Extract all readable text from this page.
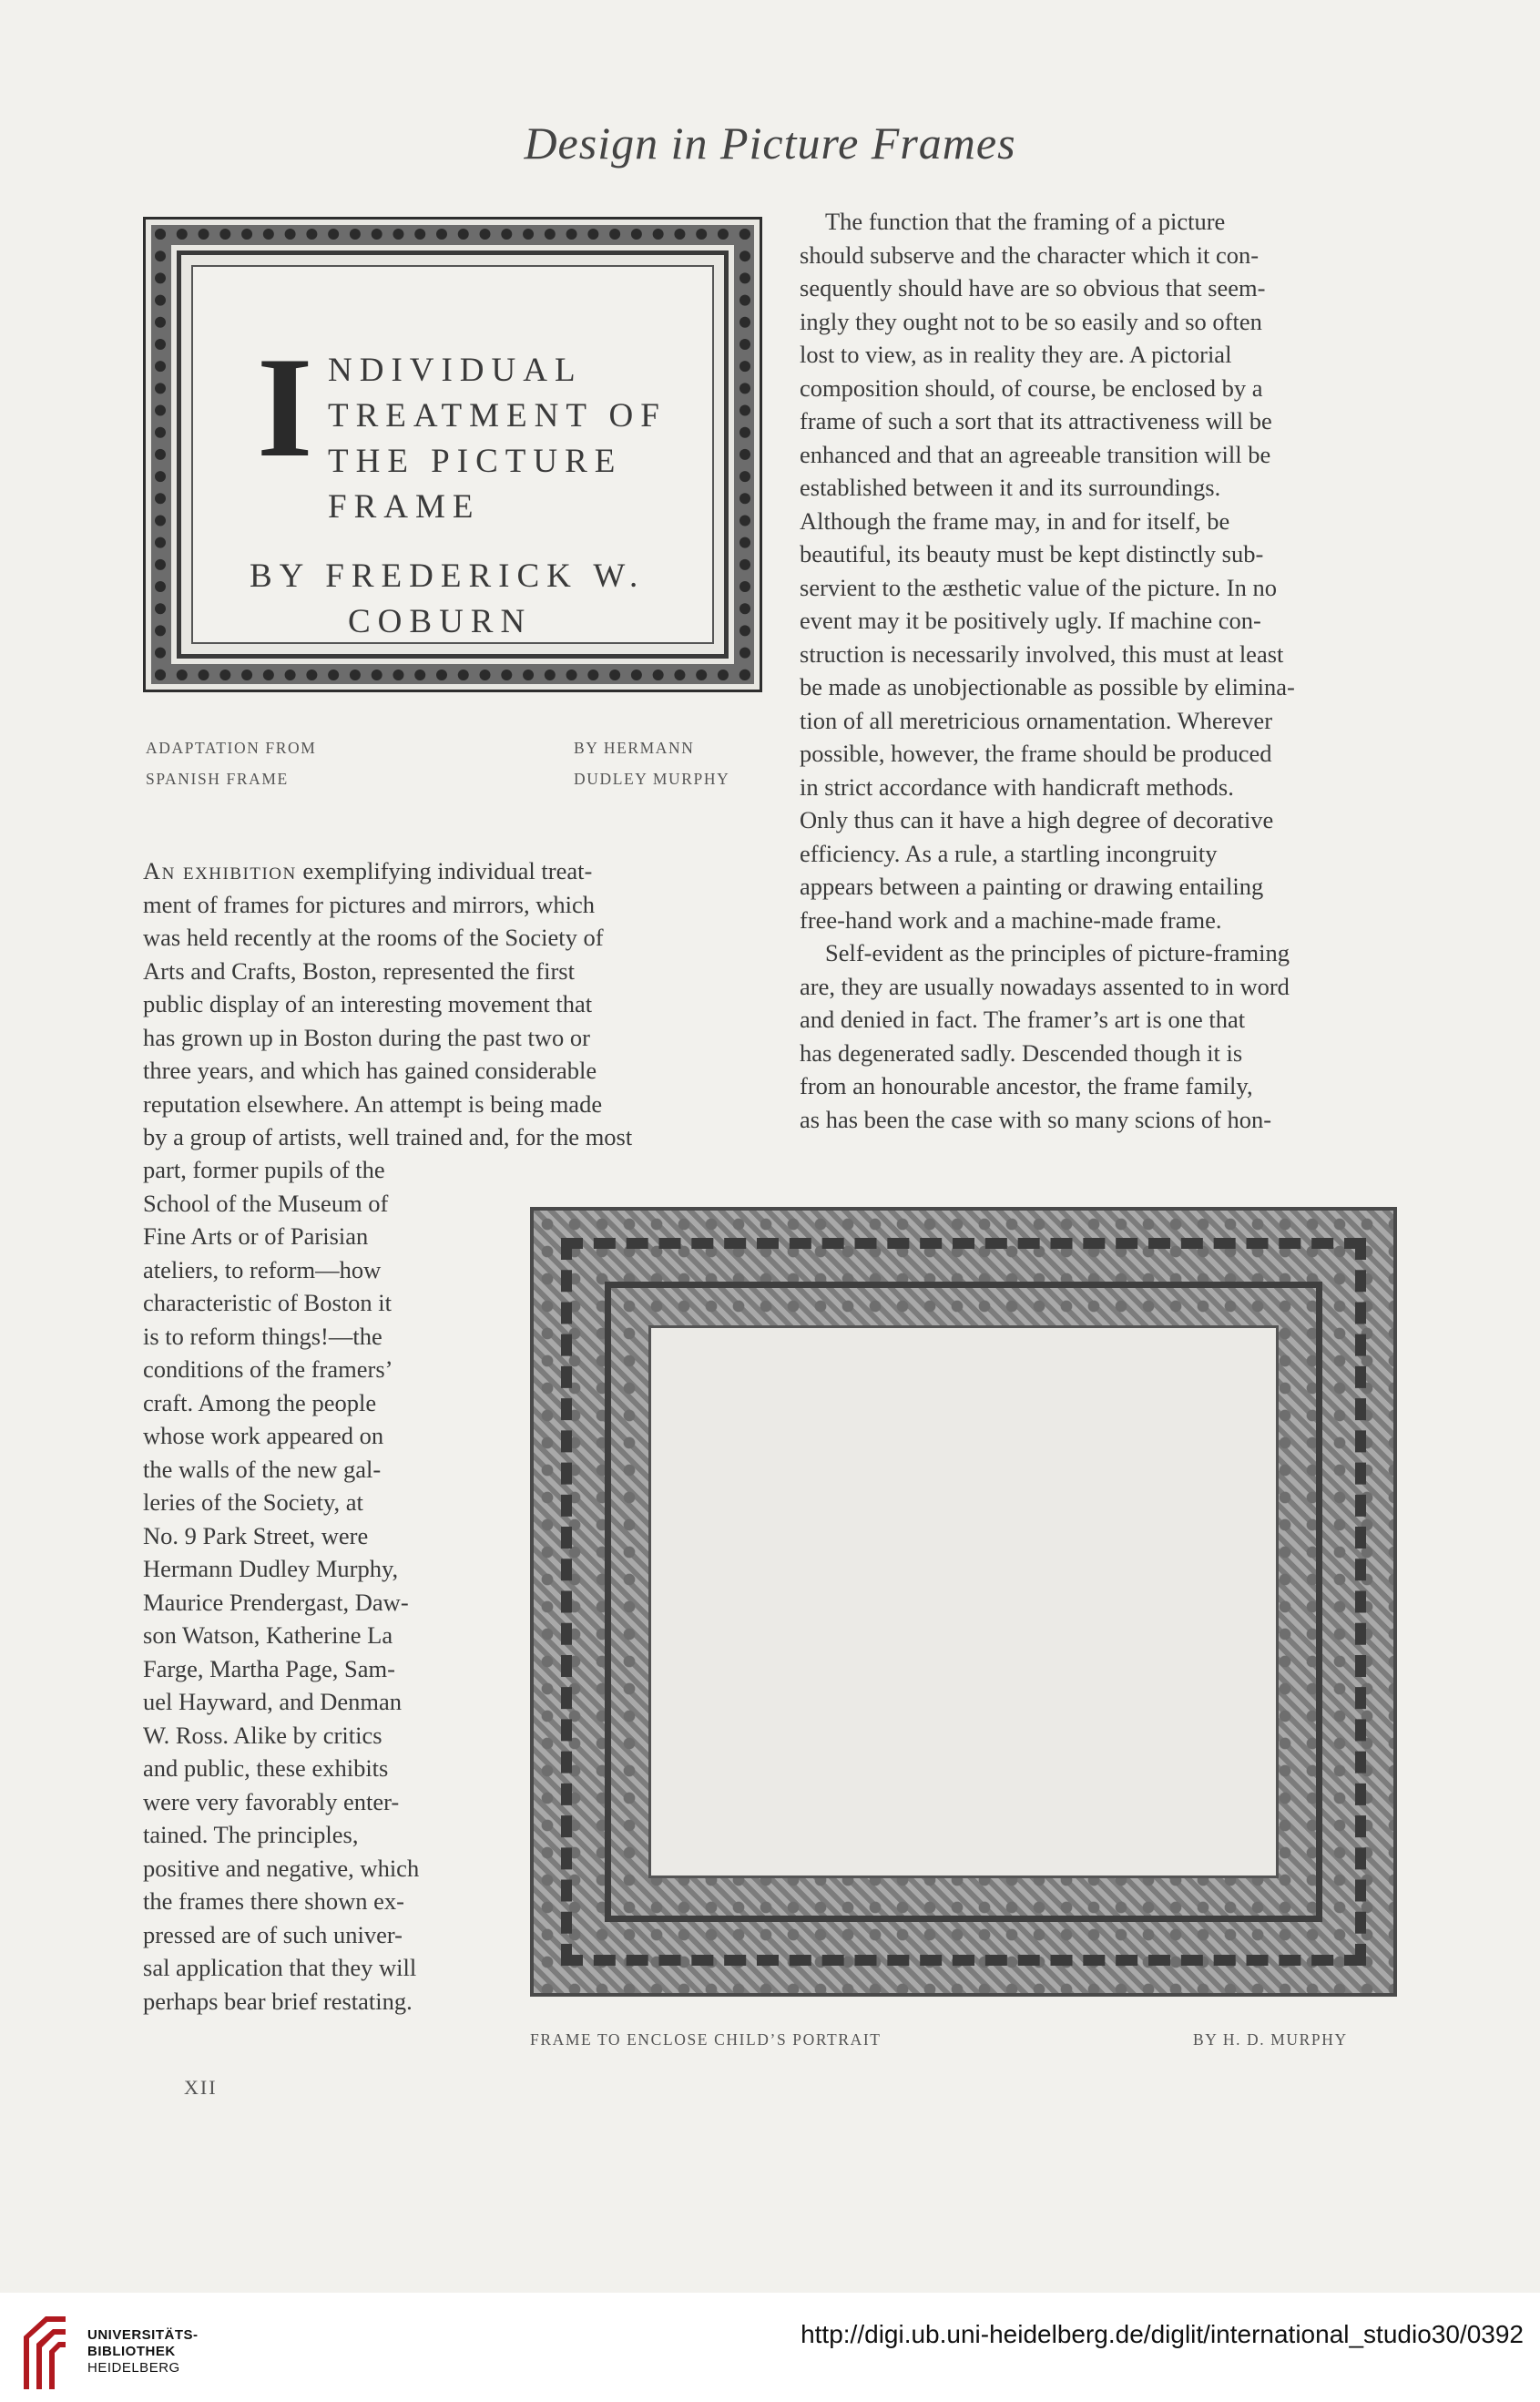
Design in Picture Frames
I NDIVIDUAL
TREATMENT OF
THE PICTURE
FRAME
BY FREDERICK W.
COBURN
ADAPTATION FROM
SPANISH FRAME
BY HERMANN
DUDLEY MURPHY

An exhibition exemplifying individual treat-

ment of frames for pictures and mirrors, which

was held recently at the rooms of the Society of

Arts and Crafts, Boston, represented the first

public display of an interesting movement that

has grown up in Boston during the past two or

three years, and which has gained considerable

reputation elsewhere. An attempt is being made

by a group of artists, well trained and, for the most

part, former pupils of the

School of the Museum of

Fine Arts or of Parisian

ateliers, to reform—how

characteristic of Boston it

is to reform things!—the

conditions of the framers’

craft. Among the people

whose work appeared on

the walls of the new gal-

leries of the Society, at

No. 9 Park Street, were

Hermann Dudley Murphy,

Maurice Prendergast, Daw-

son Watson, Katherine La

Farge, Martha Page, Sam-

uel Hayward, and Denman

W. Ross. Alike by critics

and public, these exhibits

were very favorably enter-

tained. The principles,

positive and negative, which

the frames there shown ex-

pressed are of such univer-

sal application that they will

perhaps bear brief restating.

The function that the framing of a picture

should subserve and the character which it con-

sequently should have are so obvious that seem-

ingly they ought not to be so easily and so often

lost to view, as in reality they are. A pictorial

composition should, of course, be enclosed by a

frame of such a sort that its attractiveness will be

enhanced and that an agreeable transition will be

established between it and its surroundings.

Although the frame may, in and for itself, be

beautiful, its beauty must be kept distinctly sub-

servient to the æsthetic value of the picture. In no

event may it be positively ugly. If machine con-

struction is necessarily involved, this must at least

be made as unobjectionable as possible by elimina-

tion of all meretricious ornamentation. Wherever

possible, however, the frame should be produced

in strict accordance with handicraft methods.

Only thus can it have a high degree of decorative

efficiency. As a rule, a startling incongruity

appears between a painting or drawing entailing

free-hand work and a machine-made frame.

Self-evident as the principles of picture-framing

are, they are usually nowadays assented to in word

and denied in fact. The framer’s art is one that

has degenerated sadly. Descended though it is

from an honourable ancestor, the frame family,

as has been the case with so many scions of hon-

FRAME TO ENCLOSE CHILD’S PORTRAIT	BY H. D. MURPHY
XII
UNIVERSITÄTS-
BIBLIOTHEK
HEIDELBERG
http://digi.ub.uni-heidelberg.de/diglit/international_studio30/0392
